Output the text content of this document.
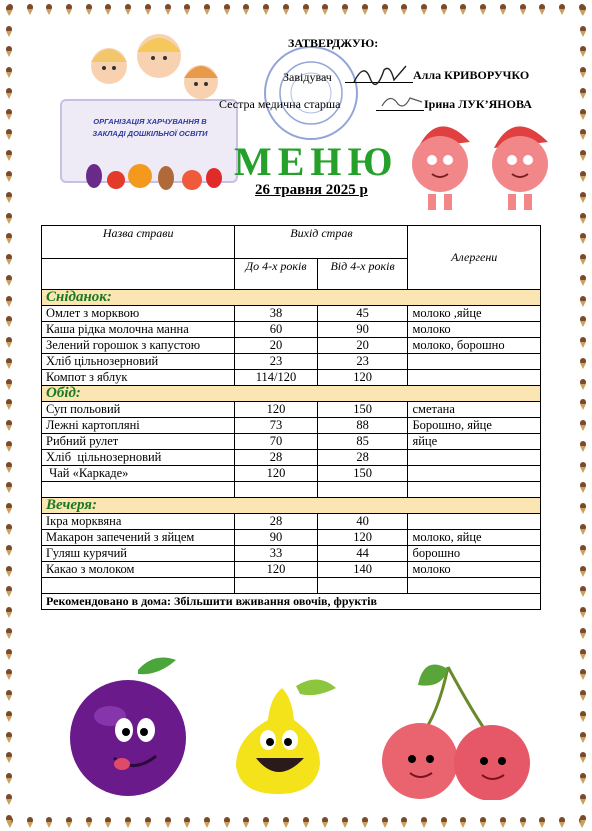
ОРГАНІЗАЦІЯ ХАРЧУВАННЯ В ЗАКЛАДІ ДОШКІЛЬНОЇ ОСВІТИ
ЗАТВЕРДЖУЮ:
Завідувач	Алла КРИВОРУЧКО
Сестра медична старша	Ірина ЛУК’ЯНОВА
МЕНЮ
26 травня 2025 р
Назва страви	Вихід страв		Алергени

	До 4-х років	Від 4-х років	
Сніданок:			
Омлет з морквою	38	45	молоко ,яйце
Каша рідка молочна манна	60	90	молоко
Зелений горошок з капустою	20	20	молоко, борошно
Хліб цільнозерновий	23	23	
Компот з яблук	114/120	120	
Обід:			
Суп польовий	120	150	сметана
Лежні картопляні	73	88	Борошно, яйце
Рибний рулет	70	85	яйце
Хліб  цільнозерновий	28	28	
Чай «Каркаде»	120	150	

Вечеря:			
Ікра морквяна	28	40	
Макарон запечений з яйцем	90	120	молоко, яйце
Гуляш курячий	33	44	борошно
Какао з молоком	120	140	молоко

Рекомендовано в дома: Збільшити вживання овочів, фруктів			
